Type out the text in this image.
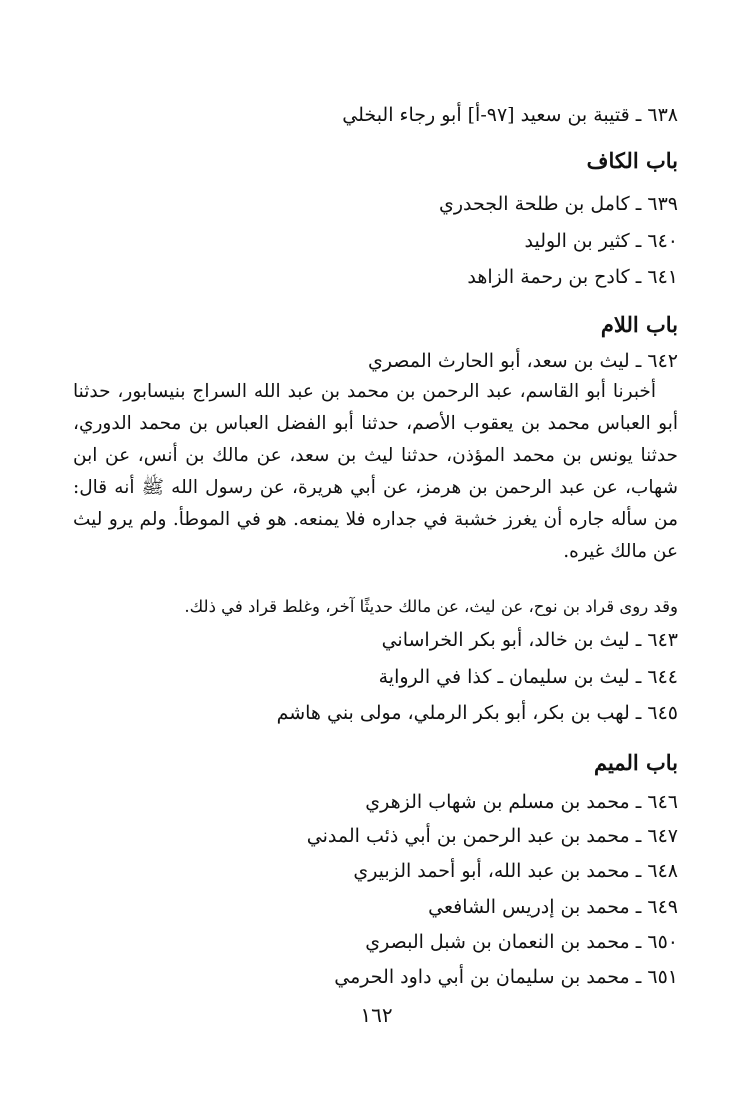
٦٣٨ ـ قتيبة بن سعيد [٩٧-أ] أبو رجاء البخلي
باب الكاف
٦٣٩ ـ كامل بن طلحة الجحدري
٦٤٠ ـ كثير بن الوليد
٦٤١ ـ كادح بن رحمة الزاهد
باب اللام
٦٤٢ ـ ليث بن سعد، أبو الحارث المصري

أخبرنا أبو القاسم، عبد الرحمن بن محمد بن عبد الله السراج بنيسابور، حدثنا أبو العباس محمد بن يعقوب الأصم، حدثنا أبو الفضل العباس بن محمد الدوري، حدثنا يونس بن محمد المؤذن، حدثنا ليث بن سعد، عن مالك بن أنس، عن ابن شهاب، عن عبد الرحمن بن هرمز، عن أبي هريرة، عن رسول الله ﷺ أنه قال: من سأله جاره أن يغرز خشبة في جداره فلا يمنعه. هو في الموطأ. ولم يرو ليث عن مالك غيره.

وقد روى قراد بن نوح، عن ليث، عن مالك حديثًا آخر، وغلط قراد في ذلك.
٦٤٣ ـ ليث بن خالد، أبو بكر الخراساني
٦٤٤ ـ ليث بن سليمان ـ كذا في الرواية
٦٤٥ ـ لهب بن بكر، أبو بكر الرملي، مولى بني هاشم
باب الميم
٦٤٦ ـ محمد بن مسلم بن شهاب الزهري
٦٤٧ ـ محمد بن عبد الرحمن بن أبي ذئب المدني
٦٤٨ ـ محمد بن عبد الله، أبو أحمد الزبيري
٦٤٩ ـ محمد بن إدريس الشافعي
٦٥٠ ـ محمد بن النعمان بن شبل البصري
٦٥١ ـ محمد بن سليمان بن أبي داود الحرمي
١٦٢
